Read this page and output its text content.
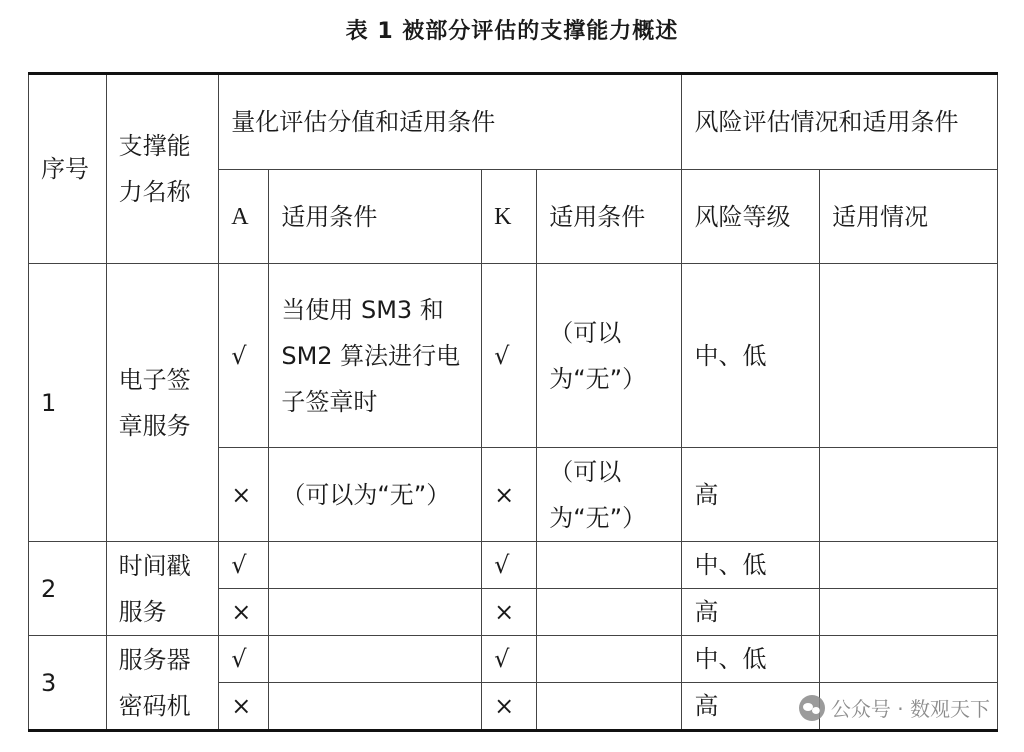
表 1 被部分评估的支撑能力概述
序号	支撑能力名称	量化评估分值和适用条件				风险评估情况和适用条件	
		A	适用条件	K	适用条件	风险等级	适用情况
1	电子签章服务	√	当使用 SM3 和 SM2 算法进行电子签章时	√	（可以为“无”）	中、低	
		×	（可以为“无”）	×	（可以为“无”）	高	
2	时间戳服务	√		√		中、低	
		×		×		高	
3	服务器密码机	√		√		中、低	
		×		×		高		公众号 · 数观天下
